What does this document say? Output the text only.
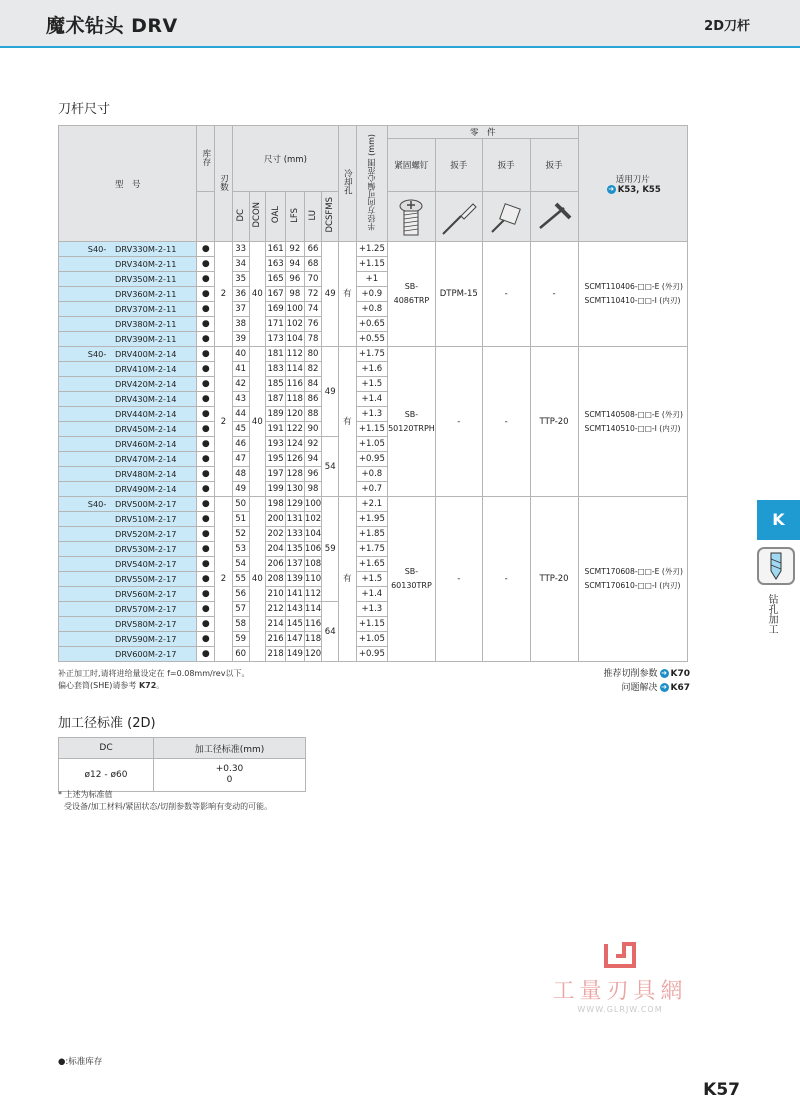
魔术钻头 DRV	2D刀杆
刀杆尺寸
型　号	库存	刃数	尺寸 (mm)						冷却孔	半径方向可偏心范围 (mm)	零　件				适用刀片
➜ K53, K55

											紧固螺钉	扳手	扳手	扳手	
			DC	DCON	OAL	LFS	LU	DCSFMS	

S40- DRV330M-2-11	●	2	33	40	161	92	66	49	有	+1.25	SB-4086TRP	DTPM-15	-	-	SCMT110406-□□-E (外刃)
SCMT110410-□□-I (内刃)

DRV340M-2-11	●		34		163	94	68			+1.15					
DRV350M-2-11	●		35		165	96	70			+1					
DRV360M-2-11	●		36		167	98	72			+0.9					
DRV370M-2-11	●		37		169	100	74			+0.8					
DRV380M-2-11	●		38		171	102	76			+0.65					
DRV390M-2-11	●		39		173	104	78			+0.55					
S40- DRV400M-2-14	●	2	40	40	181	112	80	49	有	+1.75	SB-50120TRPH	-	-	TTP-20	SCMT140508-□□-E (外刃)
SCMT140510-□□-I (内刃)

DRV410M-2-14	●		41		183	114	82			+1.6					
DRV420M-2-14	●		42		185	116	84			+1.5					
DRV430M-2-14	●		43		187	118	86			+1.4					
DRV440M-2-14	●		44		189	120	88			+1.3					
DRV450M-2-14	●		45		191	122	90			+1.15					
DRV460M-2-14	●		46		193	124	92	54		+1.05					
DRV470M-2-14	●		47		195	126	94			+0.95					
DRV480M-2-14	●		48		197	128	96			+0.8					
DRV490M-2-14	●		49		199	130	98			+0.7					
S40- DRV500M-2-17	●	2	50	40	198	129	100	59	有	+2.1	SB-60130TRP	-	-	TTP-20	SCMT170608-□□-E (外刃)
SCMT170610-□□-I (内刃)

DRV510M-2-17	●		51		200	131	102			+1.95					
DRV520M-2-17	●		52		202	133	104			+1.85					
DRV530M-2-17	●		53		204	135	106			+1.75					
DRV540M-2-17	●		54		206	137	108			+1.65					
DRV550M-2-17	●		55		208	139	110			+1.5					
DRV560M-2-17	●		56		210	141	112			+1.4					
DRV570M-2-17	●		57		212	143	114	64		+1.3					
DRV580M-2-17	●		58		214	145	116			+1.15					
DRV590M-2-17	●		59		216	147	118			+1.05					
DRV600M-2-17	●		60		218	149	120			+0.95					
补正加工时,请将进给量设定在 f=0.08mm/rev以下。
偏心套筒(SHE)请参考 K72。
推荐切削参数 ➜ K70
问题解决 ➜ K67
加工径标准 (2D)
DC	加工径标准(mm)
ø12 - ø60	+0.30
0
* 上述为标准值
受设备/加工材料/紧固状态/切削参数等影响有变动的可能。
K
钻孔加工
工量刃具網
WWW.GLRJW.COM
●:标准库存
K57
